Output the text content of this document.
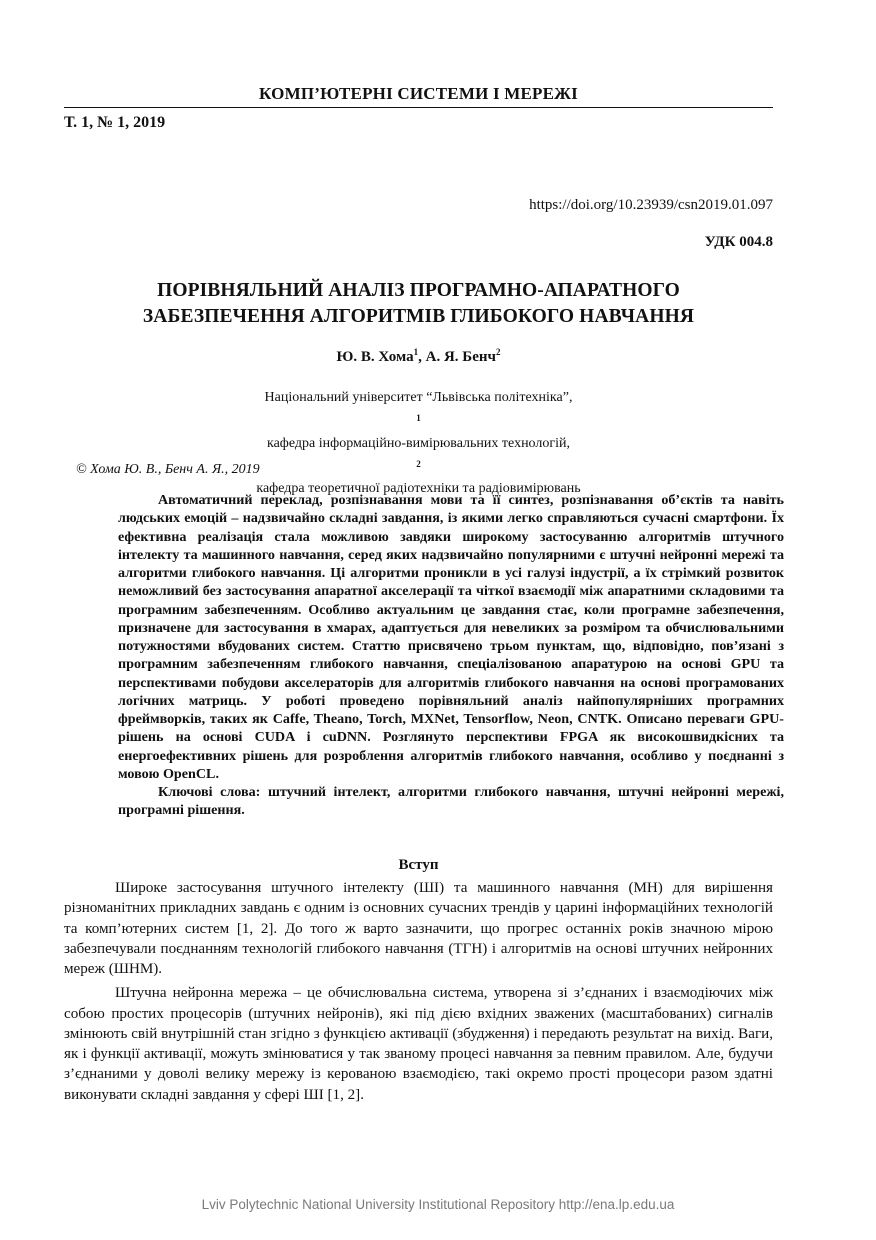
КОМП’ЮТЕРНІ СИСТЕМИ І МЕРЕЖІ
Т. 1, № 1, 2019
https://doi.org/10.23939/csn2019.01.097
УДК 004.8
ПОРІВНЯЛЬНИЙ АНАЛІЗ ПРОГРАМНО-АПАРАТНОГО
ЗАБЕЗПЕЧЕННЯ АЛГОРИТМІВ ГЛИБОКОГО НАВЧАННЯ
Ю. В. Хома$^1$, А. Я. Бенч$^2$
Національний університет “Львівська політехніка”,
$^1$
кафедра інформаційно-вимірювальних технологій,
$^2$
кафедра теоретичної радіотехніки та радіовимірювань
© Хома Ю. В., Бенч А. Я., 2019

Автоматичний переклад, розпізнавання мови та її синтез, розпізнавання об’єктів та навіть людських емоцій – надзвичайно складні завдання, із якими легко справляються сучасні смартфони. Їх ефективна реалізація стала можливою завдяки широкому застосуванню алгоритмів штучного інтелекту та машинного навчання, серед яких надзвичайно популярними є штучні нейронні мережі та алгоритми глибокого навчання. Ці алгоритми проникли в усі галузі індустрії, а їх стрімкий розвиток неможливий без застосування апаратної акселерації та чіткої взаємодії між апаратними складовими та програмним забезпеченням. Особливо актуальним це завдання стає, коли програмне забезпечення, призначене для застосування в хмарах, адаптується для невеликих за розміром та обчислювальними потужностями вбудованих систем. Статтю присвячено трьом пунктам, що, відповідно, пов’язані з програмним забезпеченням глибокого навчання, спеціалізованою апаратурою на основі GPU та перспективами побудови акселераторів для алгоритмів глибокого навчання на основі програмованих логічних матриць. У роботі проведено порівняльний аналіз найпопулярніших програмних фреймворків, таких як Caffe, Theano, Torch, MXNet, Tensorflow, Neon, CNTK. Описано переваги GPU-рішень на основі CUDA і cuDNN. Розглянуто перспективи FPGA як високошвидкісних та енергоефективних рішень для розроблення алгоритмів глибокого навчання, особливо у поєднанні з мовою OpenCL.

Ключові слова: штучний інтелект, алгоритми глибокого навчання, штучні нейронні мережі, програмні рішення.

Вступ

Широке застосування штучного інтелекту (ШІ) та машинного навчання (МН) для вирішення різноманітних прикладних завдань є одним із основних сучасних трендів у царині інформаційних технологій та комп’ютерних систем [1, 2]. До того ж варто зазначити, що прогрес останніх років значною мірою забезпечували поєднанням технологій глибокого навчання (ТГН) і алгоритмів на основі штучних нейронних мереж (ШНМ).

Штучна нейронна мережа – це обчислювальна система, утворена зі з’єднаних і взаємодіючих між собою простих процесорів (штучних нейронів), які під дією вхідних зважених (масштабованих) сигналів змінюють свій внутрішній стан згідно з функцією активації (збудження) і передають результат на вихід. Ваги, як і функції активації, можуть змінюватися у так званому процесі навчання за певним правилом. Але, будучи з’єднаними у доволі велику мережу із керованою взаємодією, такі окремо прості процесори разом здатні виконувати складні завдання у сфері ШІ [1, 2].

Lviv Polytechnic National University Institutional Repository http://ena.lp.edu.ua
